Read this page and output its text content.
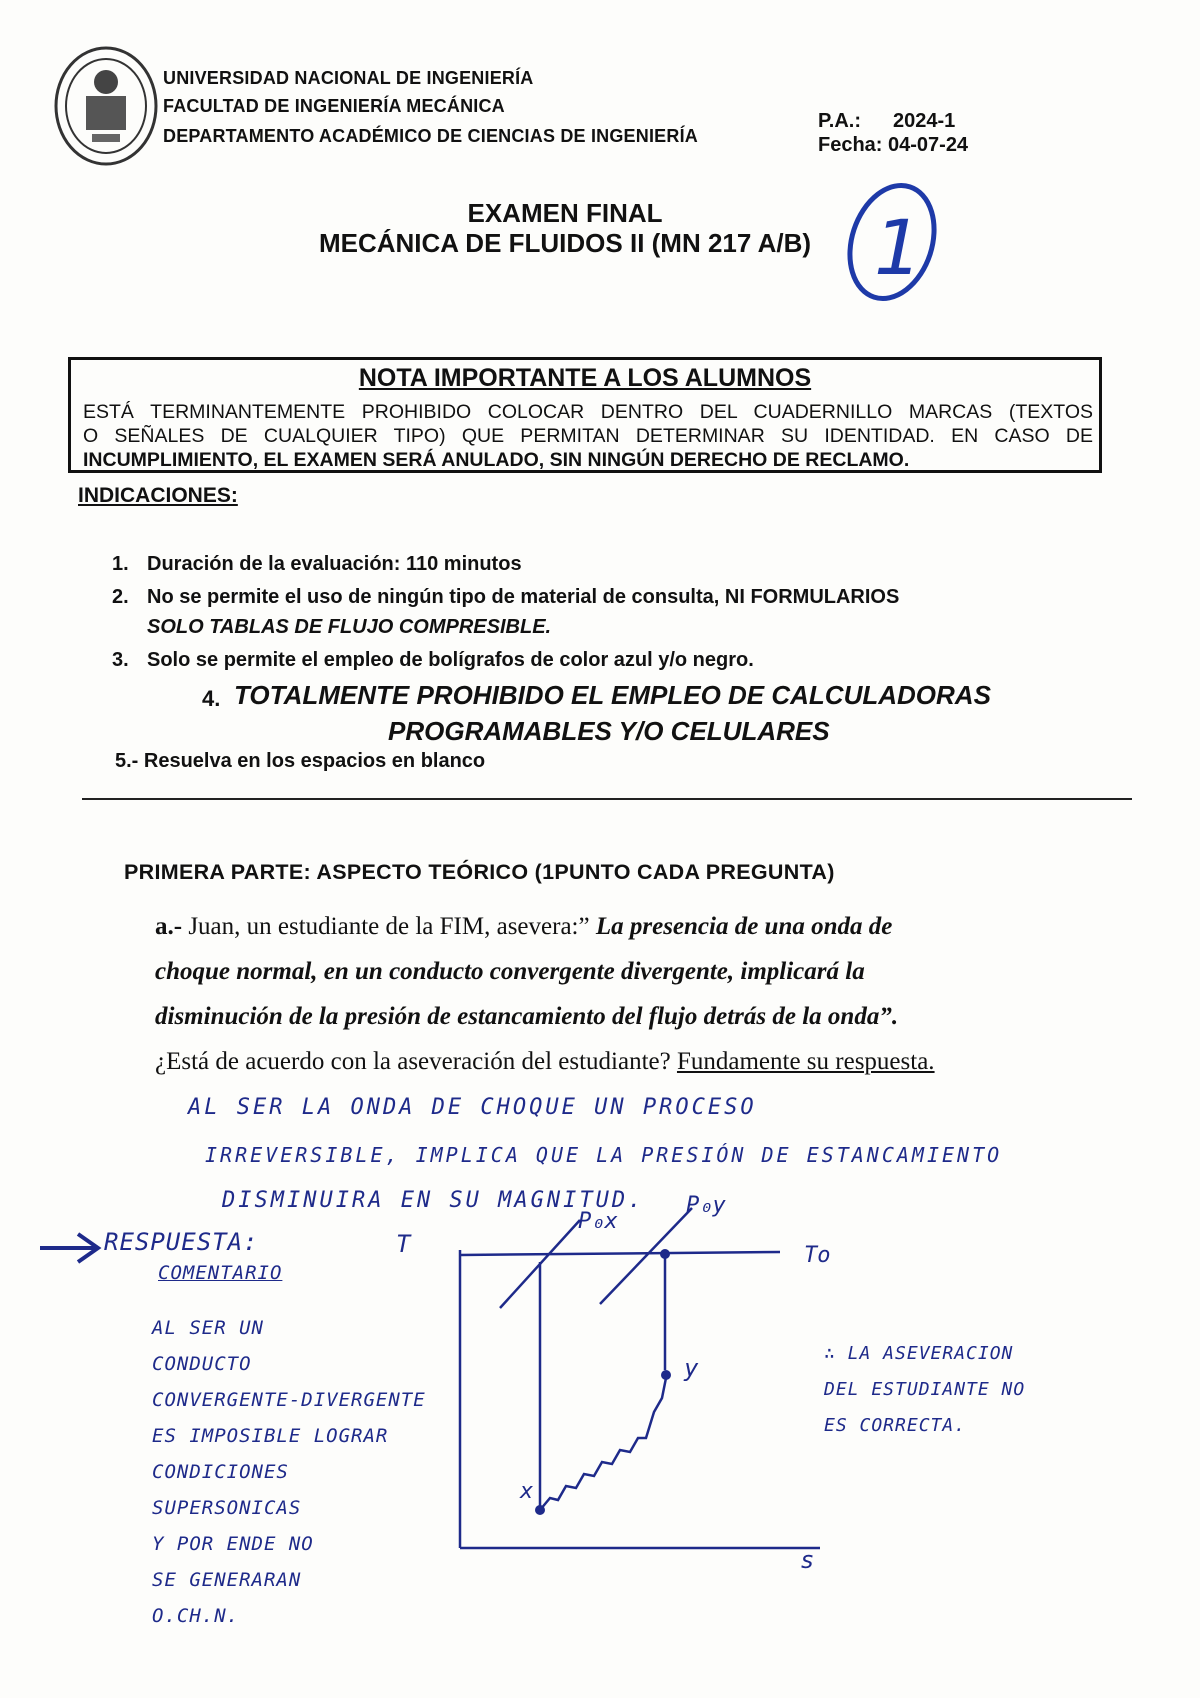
UNIVERSIDAD NACIONAL DE INGENIERÍA
FACULTAD DE INGENIERÍA MECÁNICA
DEPARTAMENTO ACADÉMICO DE CIENCIAS DE INGENIERÍA
P.A.: 2024-1
Fecha: 04-07-24
EXAMEN FINAL
MECÁNICA DE FLUIDOS II (MN 217 A/B) 1
NOTA IMPORTANTE A LOS ALUMNOS
ESTÁ TERMINANTEMENTE PROHIBIDO COLOCAR DENTRO DEL CUADERNILLO MARCAS (TEXTOS
O SEÑALES DE CUALQUIER TIPO) QUE PERMITAN DETERMINAR SU IDENTIDAD. EN CASO DE
INCUMPLIMIENTO, EL EXAMEN SERÁ ANULADO, SIN NINGÚN DERECHO DE RECLAMO.
INDICACIONES:
1. Duración de la evaluación: 110 minutos
2. No se permite el uso de ningún tipo de material de consulta, NI FORMULARIOS
SOLO TABLAS DE FLUJO COMPRESIBLE.
3. Solo se permite el empleo de bolígrafos de color azul y/o negro.
4. TOTALMENTE PROHIBIDO EL EMPLEO DE CALCULADORAS
PROGRAMABLES Y/O CELULARES
5.- Resuelva en los espacios en blanco
PRIMERA PARTE: ASPECTO TEÓRICO (1PUNTO CADA PREGUNTA)
a.- Juan, un estudiante de la FIM, asevera:” La presencia de una onda de
choque normal, en un conducto convergente divergente, implicará la
disminución de la presión de estancamiento del flujo detrás de la onda”.
¿Está de acuerdo con la aseveración del estudiante? Fundamente su respuesta.
AL SER LA ONDA DE CHOQUE UN PROCESO
IRREVERSIBLE, IMPLICA QUE LA PRESIÓN DE ESTANCAMIENTO
DISMINUIRA EN SU MAGNITUD.
RESPUESTA:
COMENTARIO
AL SER UN
CONDUCTO
CONVERGENTE-DIVERGENTE
ES IMPOSIBLE LOGRAR
CONDICIONES
SUPERSONICAS
Y POR ENDE NO
SE GENERARAN
O.CH.N.
∴ LA ASEVERACION
DEL ESTUDIANTE NO
ES CORRECTA.
T
s
P₀x
P₀y
To
x
y
